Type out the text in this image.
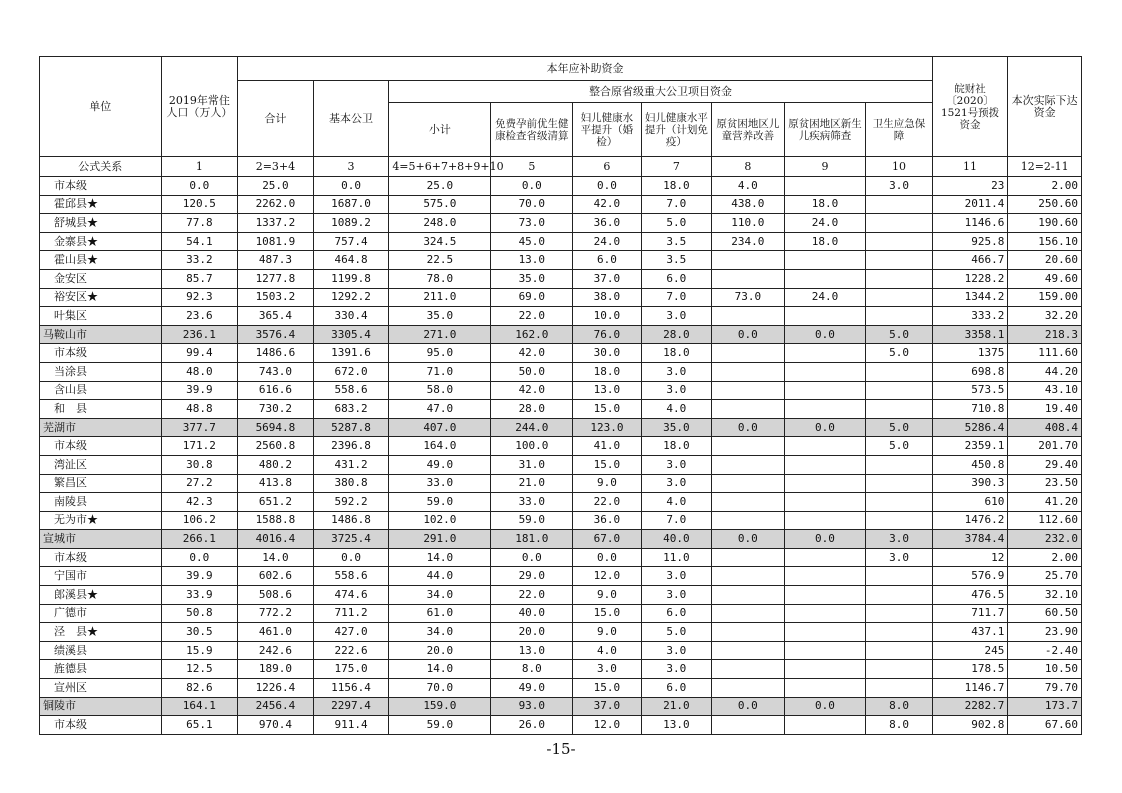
单位	2019年常住人口（万人）	本年应补助资金									皖财社〔2020〕1521号预拨资金	本次实际下达资金
		合计	基本公卫	整合原省级重大公卫项目资金								
				小计	免费孕前优生健康检查省级清算	妇儿健康水平提升（婚检）	妇儿健康水平提升（计划免疫）	原贫困地区儿童营养改善	原贫困地区新生儿疾病筛查	卫生应急保障		
公式关系	1	2=3+4	3	4=5+6+7+8+9+10	5	6	7	8	9	10	11	12=2-11
市本级	0.0	25.0	0.0	25.0	0.0	0.0	18.0	4.0		3.0	23	2.00
霍邱县★	120.5	2262.0	1687.0	575.0	70.0	42.0	7.0	438.0	18.0		2011.4	250.60
舒城县★	77.8	1337.2	1089.2	248.0	73.0	36.0	5.0	110.0	24.0		1146.6	190.60
金寨县★	54.1	1081.9	757.4	324.5	45.0	24.0	3.5	234.0	18.0		925.8	156.10
霍山县★	33.2	487.3	464.8	22.5	13.0	6.0	3.5				466.7	20.60
金安区	85.7	1277.8	1199.8	78.0	35.0	37.0	6.0				1228.2	49.60
裕安区★	92.3	1503.2	1292.2	211.0	69.0	38.0	7.0	73.0	24.0		1344.2	159.00
叶集区	23.6	365.4	330.4	35.0	22.0	10.0	3.0				333.2	32.20
马鞍山市	236.1	3576.4	3305.4	271.0	162.0	76.0	28.0	0.0	0.0	5.0	3358.1	218.3
市本级	99.4	1486.6	1391.6	95.0	42.0	30.0	18.0			5.0	1375	111.60
当涂县	48.0	743.0	672.0	71.0	50.0	18.0	3.0				698.8	44.20
含山县	39.9	616.6	558.6	58.0	42.0	13.0	3.0				573.5	43.10
和　县	48.8	730.2	683.2	47.0	28.0	15.0	4.0				710.8	19.40
芜湖市	377.7	5694.8	5287.8	407.0	244.0	123.0	35.0	0.0	0.0	5.0	5286.4	408.4
市本级	171.2	2560.8	2396.8	164.0	100.0	41.0	18.0			5.0	2359.1	201.70
湾沚区	30.8	480.2	431.2	49.0	31.0	15.0	3.0				450.8	29.40
繁昌区	27.2	413.8	380.8	33.0	21.0	9.0	3.0				390.3	23.50
南陵县	42.3	651.2	592.2	59.0	33.0	22.0	4.0				610	41.20
无为市★	106.2	1588.8	1486.8	102.0	59.0	36.0	7.0				1476.2	112.60
宣城市	266.1	4016.4	3725.4	291.0	181.0	67.0	40.0	0.0	0.0	3.0	3784.4	232.0
市本级	0.0	14.0	0.0	14.0	0.0	0.0	11.0			3.0	12	2.00
宁国市	39.9	602.6	558.6	44.0	29.0	12.0	3.0				576.9	25.70
郎溪县★	33.9	508.6	474.6	34.0	22.0	9.0	3.0				476.5	32.10
广德市	50.8	772.2	711.2	61.0	40.0	15.0	6.0				711.7	60.50
泾　县★	30.5	461.0	427.0	34.0	20.0	9.0	5.0				437.1	23.90
绩溪县	15.9	242.6	222.6	20.0	13.0	4.0	3.0				245	-2.40
旌德县	12.5	189.0	175.0	14.0	8.0	3.0	3.0				178.5	10.50
宣州区	82.6	1226.4	1156.4	70.0	49.0	15.0	6.0				1146.7	79.70
铜陵市	164.1	2456.4	2297.4	159.0	93.0	37.0	21.0	0.0	0.0	8.0	2282.7	173.7
市本级	65.1	970.4	911.4	59.0	26.0	12.0	13.0			8.0	902.8	67.60
-15-
